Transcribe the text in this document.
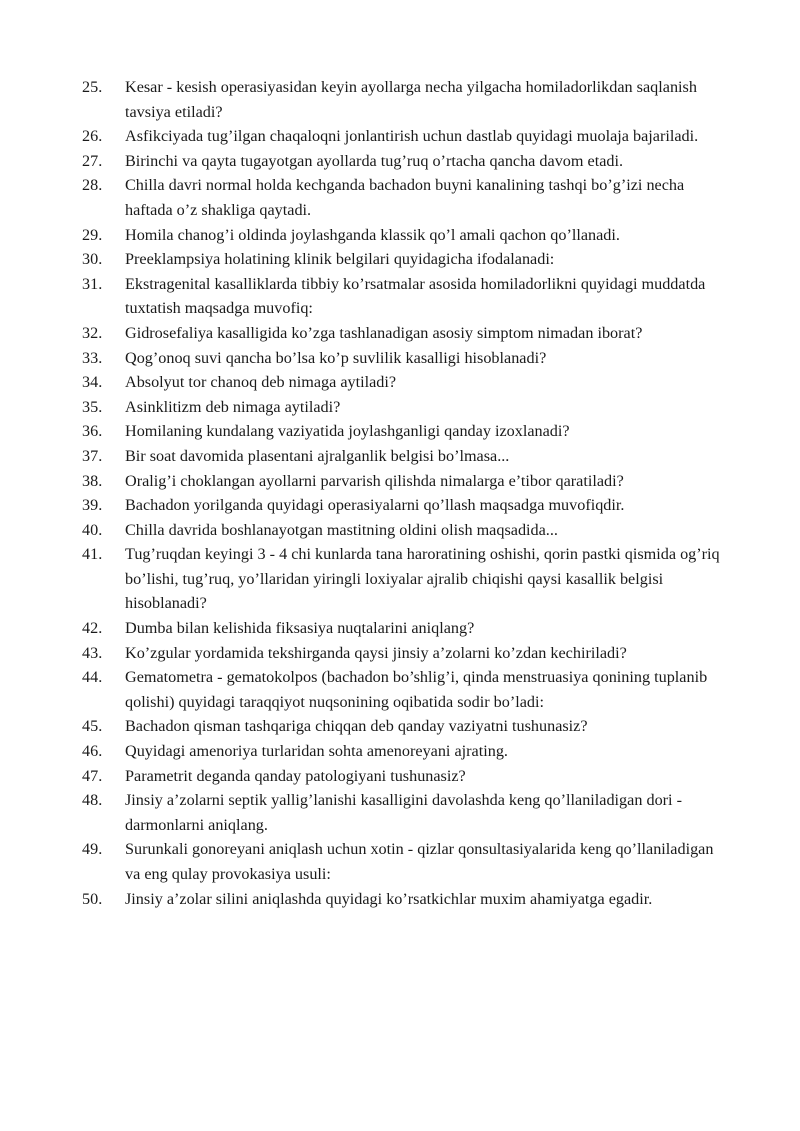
25.	Kesar - kesish operasiyasidan keyin ayollarga necha yilgacha homiladorlikdan saqlanish tavsiya etiladi?
26.	Asfikciyada tug’ilgan chaqaloqni jonlantirish uchun dastlab quyidagi muolaja bajariladi.
27.	Birinchi va qayta tugayotgan ayollarda tug’ruq o’rtacha qancha davom etadi.
28.	Chilla davri normal holda kechganda bachadon buyni kanalining tashqi bo’g’izi necha haftada o’z shakliga qaytadi.
29.	Homila chanog’i oldinda joylashganda klassik qo’l amali qachon qo’llanadi.
30.	Preeklampsiya holatining klinik belgilari quyidagicha ifodalanadi:
31.	Ekstragenital kasalliklarda tibbiy ko’rsatmalar asosida homiladorlikni quyidagi muddatda tuxtatish maqsadga muvofiq:
32.	Gidrosefaliya kasalligida ko’zga tashlanadigan asosiy simptom nimadan iborat?
33.	Qog’onoq suvi qancha bo’lsa ko’p suvlilik kasalligi hisoblanadi?
34.	Absolyut tor chanoq deb nimaga aytiladi?
35.	Asinklitizm deb nimaga aytiladi?
36.	Homilaning kundalang vaziyatida joylashganligi qanday izoxlanadi?
37.	Bir soat davomida plasentani ajralganlik belgisi bo’lmasa...
38.	Oralig’i choklangan ayollarni parvarish qilishda nimalarga e’tibor qaratiladi?
39.	Bachadon yorilganda quyidagi operasiyalarni qo’llash maqsadga muvofiqdir.
40.	Chilla davrida boshlanayotgan mastitning oldini olish maqsadida...
41.	Tug’ruqdan keyingi 3 - 4 chi kunlarda tana haroratining oshishi, qorin pastki qismida og’riq bo’lishi, tug’ruq, yo’llaridan yiringli loxiyalar ajralib chiqishi qaysi kasallik belgisi hisoblanadi?
42.	Dumba bilan kelishida fiksasiya nuqtalarini aniqlang?
43.	Ko’zgular yordamida tekshirganda qaysi jinsiy a’zolarni ko’zdan kechiriladi?
44.	Gematometra - gematokolpos (bachadon bo’shlig’i, qinda menstruasiya qonining tuplanib qolishi) quyidagi taraqqiyot nuqsonining oqibatida sodir bo’ladi:
45.	Bachadon qisman tashqariga chiqqan deb qanday vaziyatni tushunasiz?
46.	Quyidagi amenoriya turlaridan sohta amenoreyani ajrating.
47.	Parametrit deganda qanday patologiyani tushunasiz?
48.	Jinsiy a’zolarni septik yallig’lanishi kasalligini davolashda keng qo’llaniladigan dori - darmonlarni aniqlang.
49.	Surunkali gonoreyani aniqlash uchun xotin - qizlar qonsultasiyalarida keng qo’llaniladigan va eng qulay provokasiya usuli:
50.	Jinsiy a’zolar silini aniqlashda quyidagi ko’rsatkichlar muxim ahamiyatga egadir.
